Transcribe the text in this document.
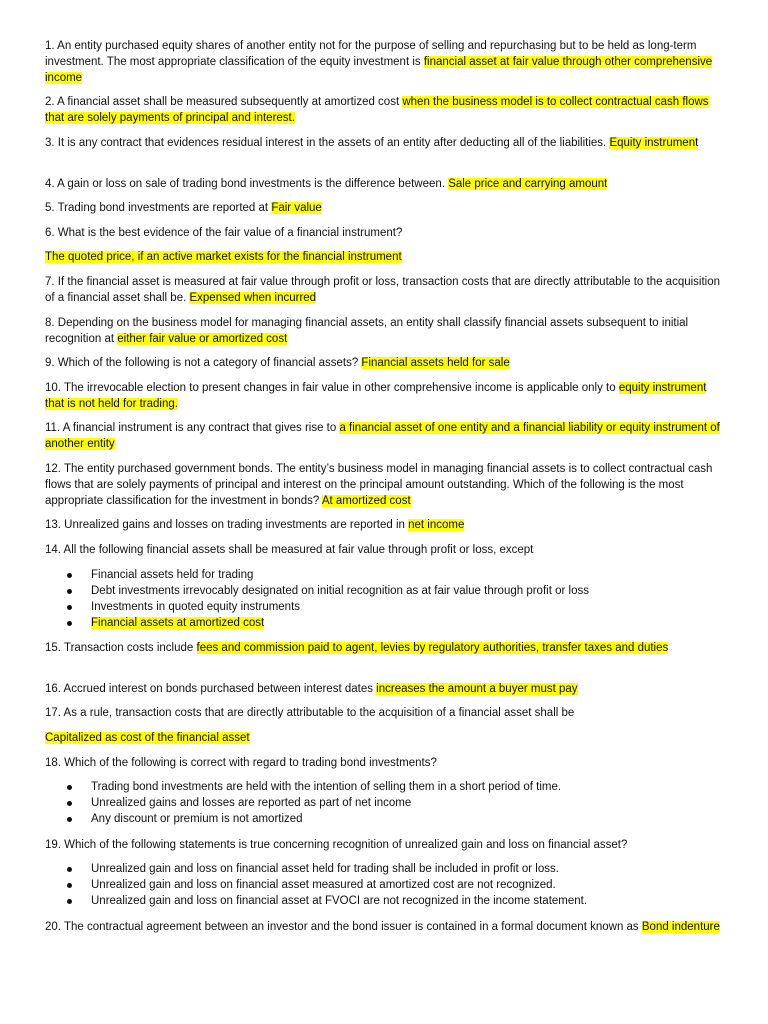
1. An entity purchased equity shares of another entity not for the purpose of selling and repurchasing but to be held as long-term investment. The most appropriate classification of the equity investment is financial asset at fair value through other comprehensive income

2. A financial asset shall be measured subsequently at amortized cost when the business model is to collect contractual cash flows that are solely payments of principal and interest.

3. It is any contract that evidences residual interest in the assets of an entity after deducting all of the liabilities. Equity instrument

4. A gain or loss on sale of trading bond investments is the difference between. Sale price and carrying amount

5. Trading bond investments are reported at Fair value

6. What is the best evidence of the fair value of a financial instrument?

The quoted price, if an active market exists for the financial instrument

7. If the financial asset is measured at fair value through profit or loss, transaction costs that are directly attributable to the acquisition of a financial asset shall be. Expensed when incurred

8. Depending on the business model for managing financial assets, an entity shall classify financial assets subsequent to initial recognition at either fair value or amortized cost

9. Which of the following is not a category of financial assets? Financial assets held for sale

10. The irrevocable election to present changes in fair value in other comprehensive income is applicable only to equity instrument that is not held for trading.

11. A financial instrument is any contract that gives rise to a financial asset of one entity and a financial liability or equity instrument of another entity

12. The entity purchased government bonds. The entity’s business model in managing financial assets is to collect contractual cash flows that are solely payments of principal and interest on the principal amount outstanding. Which of the following is the most appropriate classification for the investment in bonds? At amortized cost

13. Unrealized gains and losses on trading investments are reported in net income

14. All the following financial assets shall be measured at fair value through profit or loss, except

Financial assets held for trading
Debt investments irrevocably designated on initial recognition as at fair value through profit or loss
Investments in quoted equity instruments
Financial assets at amortized cost

15. Transaction costs include fees and commission paid to agent, levies by regulatory authorities, transfer taxes and duties

16. Accrued interest on bonds purchased between interest dates increases the amount a buyer must pay

17. As a rule, transaction costs that are directly attributable to the acquisition of a financial asset shall be

Capitalized as cost of the financial asset

18. Which of the following is correct with regard to trading bond investments?

Trading bond investments are held with the intention of selling them in a short period of time.
Unrealized gains and losses are reported as part of net income
Any discount or premium is not amortized

19. Which of the following statements is true concerning recognition of unrealized gain and loss on financial asset?

Unrealized gain and loss on financial asset held for trading shall be included in profit or loss.
Unrealized gain and loss on financial asset measured at amortized cost are not recognized.
Unrealized gain and loss on financial asset at FVOCI are not recognized in the income statement.

20. The contractual agreement between an investor and the bond issuer is contained in a formal document known as Bond indenture
